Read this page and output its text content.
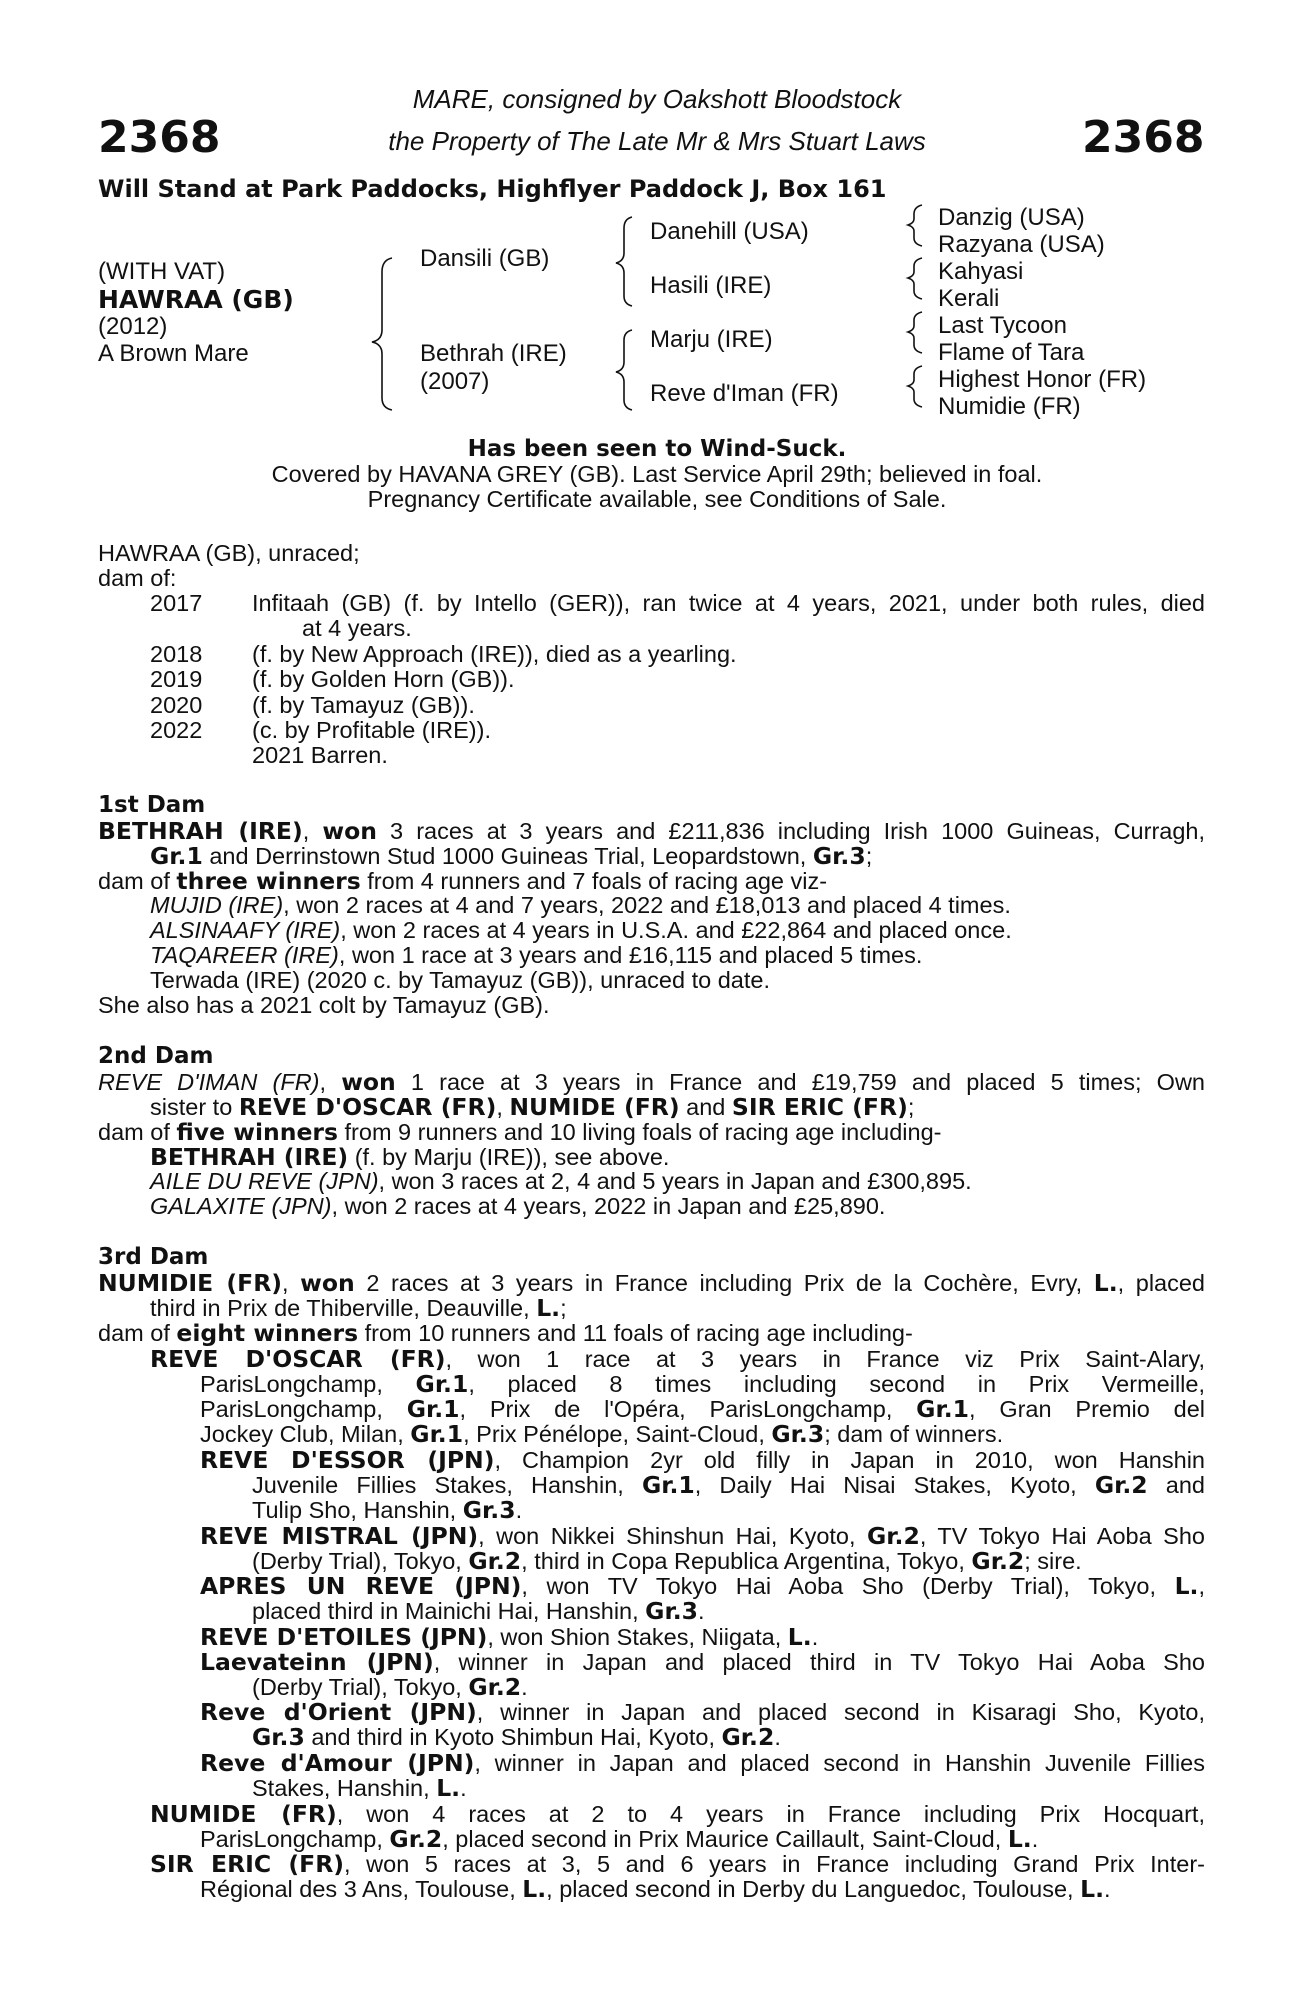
2368	2368
MARE, consigned by Oakshott Bloodstock
the Property of The Late Mr & Mrs Stuart Laws
Will Stand at Park Paddocks, Highflyer Paddock J, Box 161
(WITH VAT)
HAWRAA (GB)
(2012)
A Brown Mare
Dansili (GB)
Bethrah (IRE)
(2007)
Danehill (USA)
Hasili (IRE)
Marju (IRE)
Reve d'Iman (FR)
Danzig (USA)
Razyana (USA)
Kahyasi
Kerali
Last Tycoon
Flame of Tara
Highest Honor (FR)
Numidie (FR)
Has been seen to Wind-Suck.
Covered by HAVANA GREY (GB). Last Service April 29th; believed in foal.
Pregnancy Certificate available, see Conditions of Sale.
HAWRAA (GB), unraced;
dam of:
2017 Infitaah (GB) (f. by Intello (GER)), ran twice at 4 years, 2021, under both rules, died
at 4 years.
2018 (f. by New Approach (IRE)), died as a yearling.
2019 (f. by Golden Horn (GB)).
2020 (f. by Tamayuz (GB)).
2022 (c. by Profitable (IRE)).
2021 Barren.
1st Dam
BETHRAH (IRE), won 3 races at 3 years and £211,836 including Irish 1000 Guineas, Curragh,
Gr.1 and Derrinstown Stud 1000 Guineas Trial, Leopardstown, Gr.3;
dam of three winners from 4 runners and 7 foals of racing age viz-
MUJID (IRE), won 2 races at 4 and 7 years, 2022 and £18,013 and placed 4 times.
ALSINAAFY (IRE), won 2 races at 4 years in U.S.A. and £22,864 and placed once.
TAQAREER (IRE), won 1 race at 3 years and £16,115 and placed 5 times.
Terwada (IRE) (2020 c. by Tamayuz (GB)), unraced to date.
She also has a 2021 colt by Tamayuz (GB).
2nd Dam
REVE D'IMAN (FR), won 1 race at 3 years in France and £19,759 and placed 5 times; Own
sister to REVE D'OSCAR (FR), NUMIDE (FR) and SIR ERIC (FR);
dam of five winners from 9 runners and 10 living foals of racing age including-
BETHRAH (IRE) (f. by Marju (IRE)), see above.
AILE DU REVE (JPN), won 3 races at 2, 4 and 5 years in Japan and £300,895.
GALAXITE (JPN), won 2 races at 4 years, 2022 in Japan and £25,890.
3rd Dam
NUMIDIE (FR), won 2 races at 3 years in France including Prix de la Cochère, Evry, L., placed
third in Prix de Thiberville, Deauville, L.;
dam of eight winners from 10 runners and 11 foals of racing age including-
REVE D'OSCAR (FR), won 1 race at 3 years in France viz Prix Saint-Alary,
ParisLongchamp, Gr.1, placed 8 times including second in Prix Vermeille,
ParisLongchamp, Gr.1, Prix de l'Opéra, ParisLongchamp, Gr.1, Gran Premio del
Jockey Club, Milan, Gr.1, Prix Pénélope, Saint-Cloud, Gr.3; dam of winners.
REVE D'ESSOR (JPN), Champion 2yr old filly in Japan in 2010, won Hanshin
Juvenile Fillies Stakes, Hanshin, Gr.1, Daily Hai Nisai Stakes, Kyoto, Gr.2 and
Tulip Sho, Hanshin, Gr.3.
REVE MISTRAL (JPN), won Nikkei Shinshun Hai, Kyoto, Gr.2, TV Tokyo Hai Aoba Sho
(Derby Trial), Tokyo, Gr.2, third in Copa Republica Argentina, Tokyo, Gr.2; sire.
APRES UN REVE (JPN), won TV Tokyo Hai Aoba Sho (Derby Trial), Tokyo, L.,
placed third in Mainichi Hai, Hanshin, Gr.3.
REVE D'ETOILES (JPN), won Shion Stakes, Niigata, L..
Laevateinn (JPN), winner in Japan and placed third in TV Tokyo Hai Aoba Sho
(Derby Trial), Tokyo, Gr.2.
Reve d'Orient (JPN), winner in Japan and placed second in Kisaragi Sho, Kyoto,
Gr.3 and third in Kyoto Shimbun Hai, Kyoto, Gr.2.
Reve d'Amour (JPN), winner in Japan and placed second in Hanshin Juvenile Fillies
Stakes, Hanshin, L..
NUMIDE (FR), won 4 races at 2 to 4 years in France including Prix Hocquart,
ParisLongchamp, Gr.2, placed second in Prix Maurice Caillault, Saint-Cloud, L..
SIR ERIC (FR), won 5 races at 3, 5 and 6 years in France including Grand Prix Inter-
Régional des 3 Ans, Toulouse, L., placed second in Derby du Languedoc, Toulouse, L..
